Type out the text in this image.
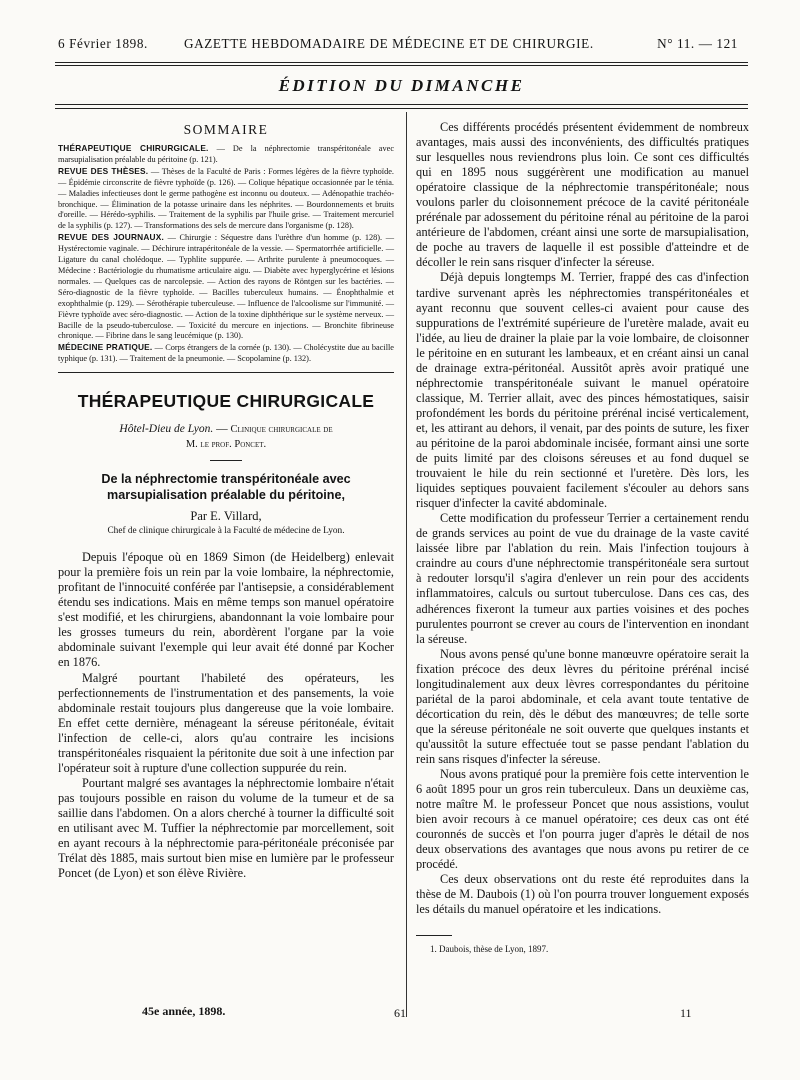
6 Février 1898.	GAZETTE HEBDOMADAIRE DE MÉDECINE ET DE CHIRURGIE.	N° 11. — 121
ÉDITION DU DIMANCHE
SOMMAIRE

THÉRAPEUTIQUE CHIRURGICALE. — De la néphrectomie transpéritonéale avec marsupialisation préalable du péritoine (p. 121).

REVUE DES THÈSES. — Thèses de la Faculté de Paris : Formes légères de la fièvre typhoïde. — Épidémie circonscrite de fièvre typhoïde (p. 126). — Colique hépatique occasionnée par le ténia. — Maladies infectieuses dont le germe pathogène est inconnu ou douteux. — Adénopathie trachéo-bronchique. — Élimination de la potasse urinaire dans les néphrites. — Bourdonnements et bruits d'oreille. — Hérédo-syphilis. — Traitement de la syphilis par l'huile grise. — Traitement mercuriel de la syphilis (p. 127). — Transformations des sels de mercure dans l'organisme (p. 128).

REVUE DES JOURNAUX. — Chirurgie : Séquestre dans l'urèthre d'un homme (p. 128). — Hystérectomie vaginale. — Déchirure intrapéritonéale de la vessie. — Spermatorrhée artificielle. — Ligature du canal cholédoque. — Typhlite suppurée. — Arthrite purulente à pneumocoques. — Médecine : Bactériologie du rhumatisme articulaire aigu. — Diabète avec hyperglycérine et lésions normales. — Quelques cas de narcolepsie. — Action des rayons de Röntgen sur les bactéries. — Séro-diagnostic de la fièvre typhoïde. — Bacilles tuberculeux humains. — Énophthalmie et exophthalmie (p. 129). — Sérothérapie tuberculeuse. — Influence de l'alcoolisme sur l'immunité. — Fièvre typhoïde avec séro-diagnostic. — Action de la toxine diphthérique sur le système nerveux. — Bacille de la pseudo-tuberculose. — Toxicité du mercure en injections. — Bronchite fibrineuse chronique. — Fibrine dans le sang leucémique (p. 130).

MÉDECINE PRATIQUE. — Corps étrangers de la cornée (p. 130). — Cholécystite due au bacille typhique (p. 131). — Traitement de la pneumonie. — Scopolamine (p. 132).

THÉRAPEUTIQUE CHIRURGICALE

Hôtel-Dieu de Lyon. — Clinique chirurgicale de

M. le prof. Poncet.

De la néphrectomie transpéritonéale avec marsupialisation préalable du péritoine,

Par E. Villard,

Chef de clinique chirurgicale à la Faculté de médecine de Lyon.

Depuis l'époque où en 1869 Simon (de Heidelberg) enlevait pour la première fois un rein par la voie lombaire, la néphrectomie, profitant de l'innocuité conférée par l'antisepsie, a considérablement étendu ses indications. Mais en même temps son manuel opératoire s'est modifié, et les chirurgiens, abandonnant la voie lombaire pour les grosses tumeurs du rein, abordèrent l'organe par la voie abdominale suivant l'exemple qui leur avait été donné par Kocher en 1876.

Malgré pourtant l'habileté des opérateurs, les perfectionnements de l'instrumentation et des pansements, la voie abdominale restait toujours plus dangereuse que la voie lombaire. En effet cette dernière, ménageant la séreuse péritonéale, évitait l'infection de celle-ci, alors qu'au contraire les incisions transpéritonéales risquaient la péritonite due soit à une infection par l'opérateur soit à rupture d'une collection suppurée du rein.

Pourtant malgré ses avantages la néphrectomie lombaire n'était pas toujours possible en raison du volume de la tumeur et de sa saillie dans l'abdomen. On a alors cherché à tourner la difficulté soit en utilisant avec M. Tuffier la néphrectomie par morcellement, soit en ayant recours à la néphrectomie para-péritonéale préconisée par Trélat dès 1885, mais surtout bien mise en lumière par le professeur Poncet (de Lyon) et son élève Rivière.

Ces différents procédés présentent évidemment de nombreux avantages, mais aussi des inconvénients, des difficultés pratiques sur lesquelles nous reviendrons plus loin. Ce sont ces difficultés qui en 1895 nous suggérèrent une modification au manuel opératoire classique de la néphrectomie transpéritonéale; nous voulons parler du cloisonnement précoce de la cavité péritonéale prérénale par adossement du péritoine rénal au péritoine de la paroi antérieure de l'abdomen, créant ainsi une sorte de marsupialisation, de poche au travers de laquelle il est possible d'atteindre et de décoller le rein sans risquer d'infecter la séreuse.

Déjà depuis longtemps M. Terrier, frappé des cas d'infection tardive survenant après les néphrectomies transpéritonéales et ayant reconnu que souvent celles-ci avaient pour cause des suppurations de l'extrémité supérieure de l'uretère malade, avait eu l'idée, au lieu de drainer la plaie par la voie lombaire, de cloisonner le péritoine en en suturant les lambeaux, et en créant ainsi un canal de drainage extra-péritonéal. Aussitôt après avoir pratiqué une néphrectomie transpéritonéale suivant le manuel opératoire classique, M. Terrier allait, avec des pinces hémostatiques, saisir profondément les bords du péritoine prérénal incisé verticalement, et, les attirant au dehors, il venait, par des points de suture, les fixer au péritoine de la paroi abdominale incisée, formant ainsi une sorte de puits limité par des cloisons séreuses et au fond duquel se trouvaient le hile du rein sectionné et l'uretère. Dès lors, les liquides septiques pouvaient facilement s'écouler au dehors sans risquer d'infecter la cavité abdominale.

Cette modification du professeur Terrier a certainement rendu de grands services au point de vue du drainage de la vaste cavité laissée libre par l'ablation du rein. Mais l'infection toujours à craindre au cours d'une néphrectomie transpéritonéale sera surtout à redouter lorsqu'il s'agira d'enlever un rein pour des accidents inflammatoires, calculs ou surtout tuberculose. Dans ces cas, des adhérences fixeront la tumeur aux parties voisines et des poches purulentes pourront se crever au cours de l'intervention en inondant la séreuse.

Nous avons pensé qu'une bonne manœuvre opératoire serait la fixation précoce des deux lèvres du péritoine prérénal incisé longitudinalement aux deux lèvres correspondantes du péritoine pariétal de la paroi abdominale, et cela avant toute tentative de décortication du rein, dès le début des manœuvres; de telle sorte que la séreuse péritonéale ne soit ouverte que quelques instants et qu'aussitôt la suture effectuée tout se passe pendant l'ablation du rein sans risques d'infecter la séreuse.

Nous avons pratiqué pour la première fois cette intervention le 6 août 1895 pour un gros rein tuberculeux. Dans un deuxième cas, notre maître M. le professeur Poncet que nous assistions, voulut bien avoir recours à ce manuel opératoire; ces deux cas ont été couronnés de succès et l'on pourra juger d'après le détail de nos deux observations des avantages que nous avons pu retirer de ce procédé.

Ces deux observations ont du reste été reproduites dans la thèse de M. Daubois (1) où l'on pourra trouver longuement exposés les détails du manuel opératoire et les indications.

1. Daubois, thèse de Lyon, 1897.

45e année, 1898.	61	11
